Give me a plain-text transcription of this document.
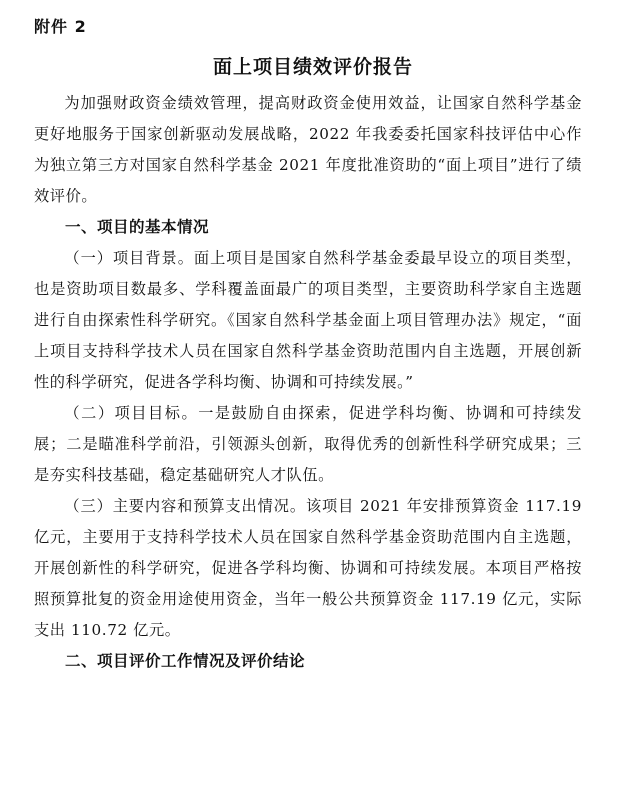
附件 2
面上项目绩效评价报告

为加强财政资金绩效管理，提高财政资金使用效益，让国家自然科学基金更好地服务于国家创新驱动发展战略，2022 年我委委托国家科技评估中心作为独立第三方对国家自然科学基金 2021 年度批准资助的“面上项目”进行了绩效评价。

一、项目的基本情况

（一）项目背景。面上项目是国家自然科学基金委最早设立的项目类型，也是资助项目数最多、学科覆盖面最广的项目类型，主要资助科学家自主选题进行自由探索性科学研究。《国家自然科学基金面上项目管理办法》规定，“面上项目支持科学技术人员在国家自然科学基金资助范围内自主选题，开展创新性的科学研究，促进各学科均衡、协调和可持续发展。”

（二）项目目标。一是鼓励自由探索，促进学科均衡、协调和可持续发展；二是瞄准科学前沿，引领源头创新，取得优秀的创新性科学研究成果；三是夯实科技基础，稳定基础研究人才队伍。

（三）主要内容和预算支出情况。该项目 2021 年安排预算资金 117.19 亿元，主要用于支持科学技术人员在国家自然科学基金资助范围内自主选题，开展创新性的科学研究，促进各学科均衡、协调和可持续发展。本项目严格按照预算批复的资金用途使用资金，当年一般公共预算资金 117.19 亿元，实际支出 110.72 亿元。

二、项目评价工作情况及评价结论
